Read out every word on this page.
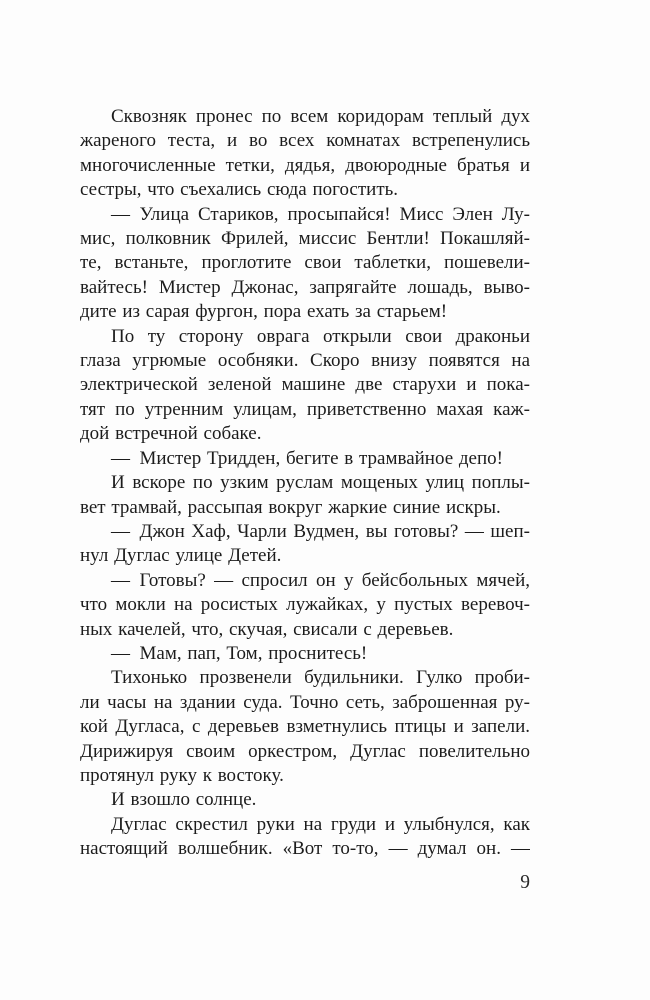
Сквозняк пронес по всем коридорам теплый дух
жареного теста, и во всех комнатах встрепенулись
многочисленные тетки, дядья, двоюродные братья и
сестры, что съехались сюда погостить.
— Улица Стариков, просыпайся! Мисс Элен Лу-
мис, полковник Фрилей, миссис Бентли! Покашляй-
те, встаньте, проглотите свои таблетки, пошевели-
вайтесь! Мистер Джонас, запрягайте лошадь, выво-
дите из сарая фургон, пора ехать за старьем!
По ту сторону оврага открыли свои драконьи
глаза угрюмые особняки. Скоро внизу появятся на
электрической зеленой машине две старухи и пока-
тят по утренним улицам, приветственно махая каж-
дой встречной собаке.
— Мистер Тридден, бегите в трамвайное депо!
И вскоре по узким руслам мощеных улиц поплы-
вет трамвай, рассыпая вокруг жаркие синие искры.
— Джон Хаф, Чарли Вудмен, вы готовы? — шеп-
нул Дуглас улице Детей.
— Готовы? — спросил он у бейсбольных мячей,
что мокли на росистых лужайках, у пустых веревоч-
ных качелей, что, скучая, свисали с деревьев.
— Мам, пап, Том, проснитесь!
Тихонько прозвенели будильники. Гулко проби-
ли часы на здании суда. Точно сеть, заброшенная ру-
кой Дугласа, с деревьев взметнулись птицы и запели.
Дирижируя своим оркестром, Дуглас повелительно
протянул руку к востоку.
И взошло солнце.
Дуглас скрестил руки на груди и улыбнулся, как
настоящий волшебник. «Вот то-то, — думал он. —
9
